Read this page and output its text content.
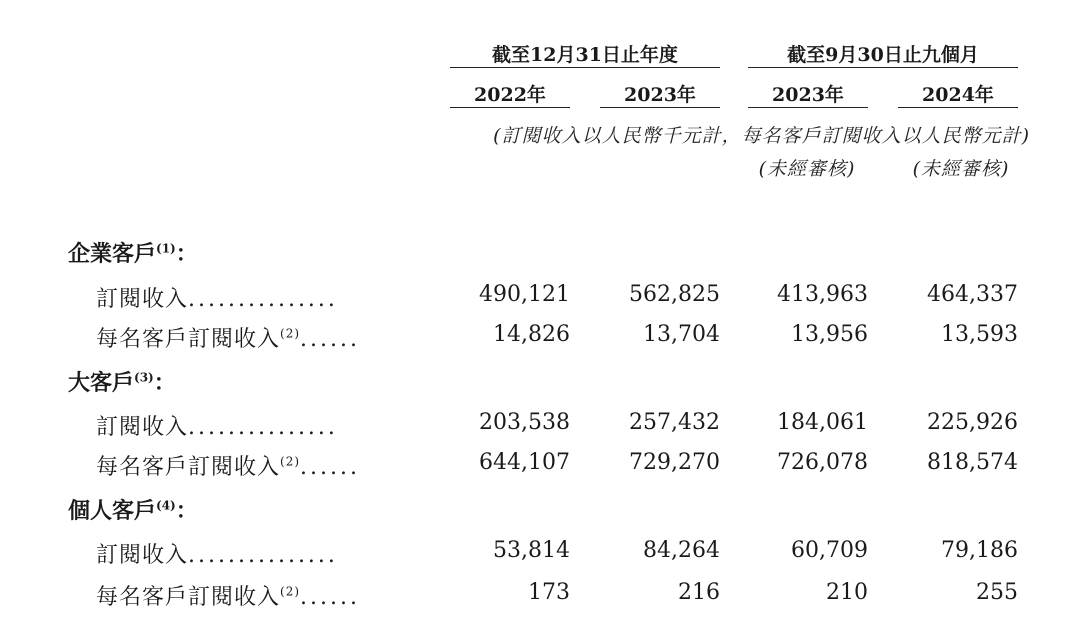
截至12月31日止年度	截至9月30日止九個月
2022年	2023年	2023年	2024年
(訂閱收入以人民幣千元計，每名客戶訂閱收入以人民幣元計)
(未經審核)	(未經審核)
企業客戶$^{(1)}$：
訂閱收入...............	490,121	562,825	413,963	464,337
每名客戶訂閱收入$^{(2)}$......	14,826	13,704	13,956	13,593
大客戶$^{(3)}$：
訂閱收入...............	203,538	257,432	184,061	225,926
每名客戶訂閱收入$^{(2)}$......	644,107	729,270	726,078	818,574
個人客戶$^{(4)}$：
訂閱收入...............	53,814	84,264	60,709	79,186
每名客戶訂閱收入$^{(2)}$......	173	216	210	255
